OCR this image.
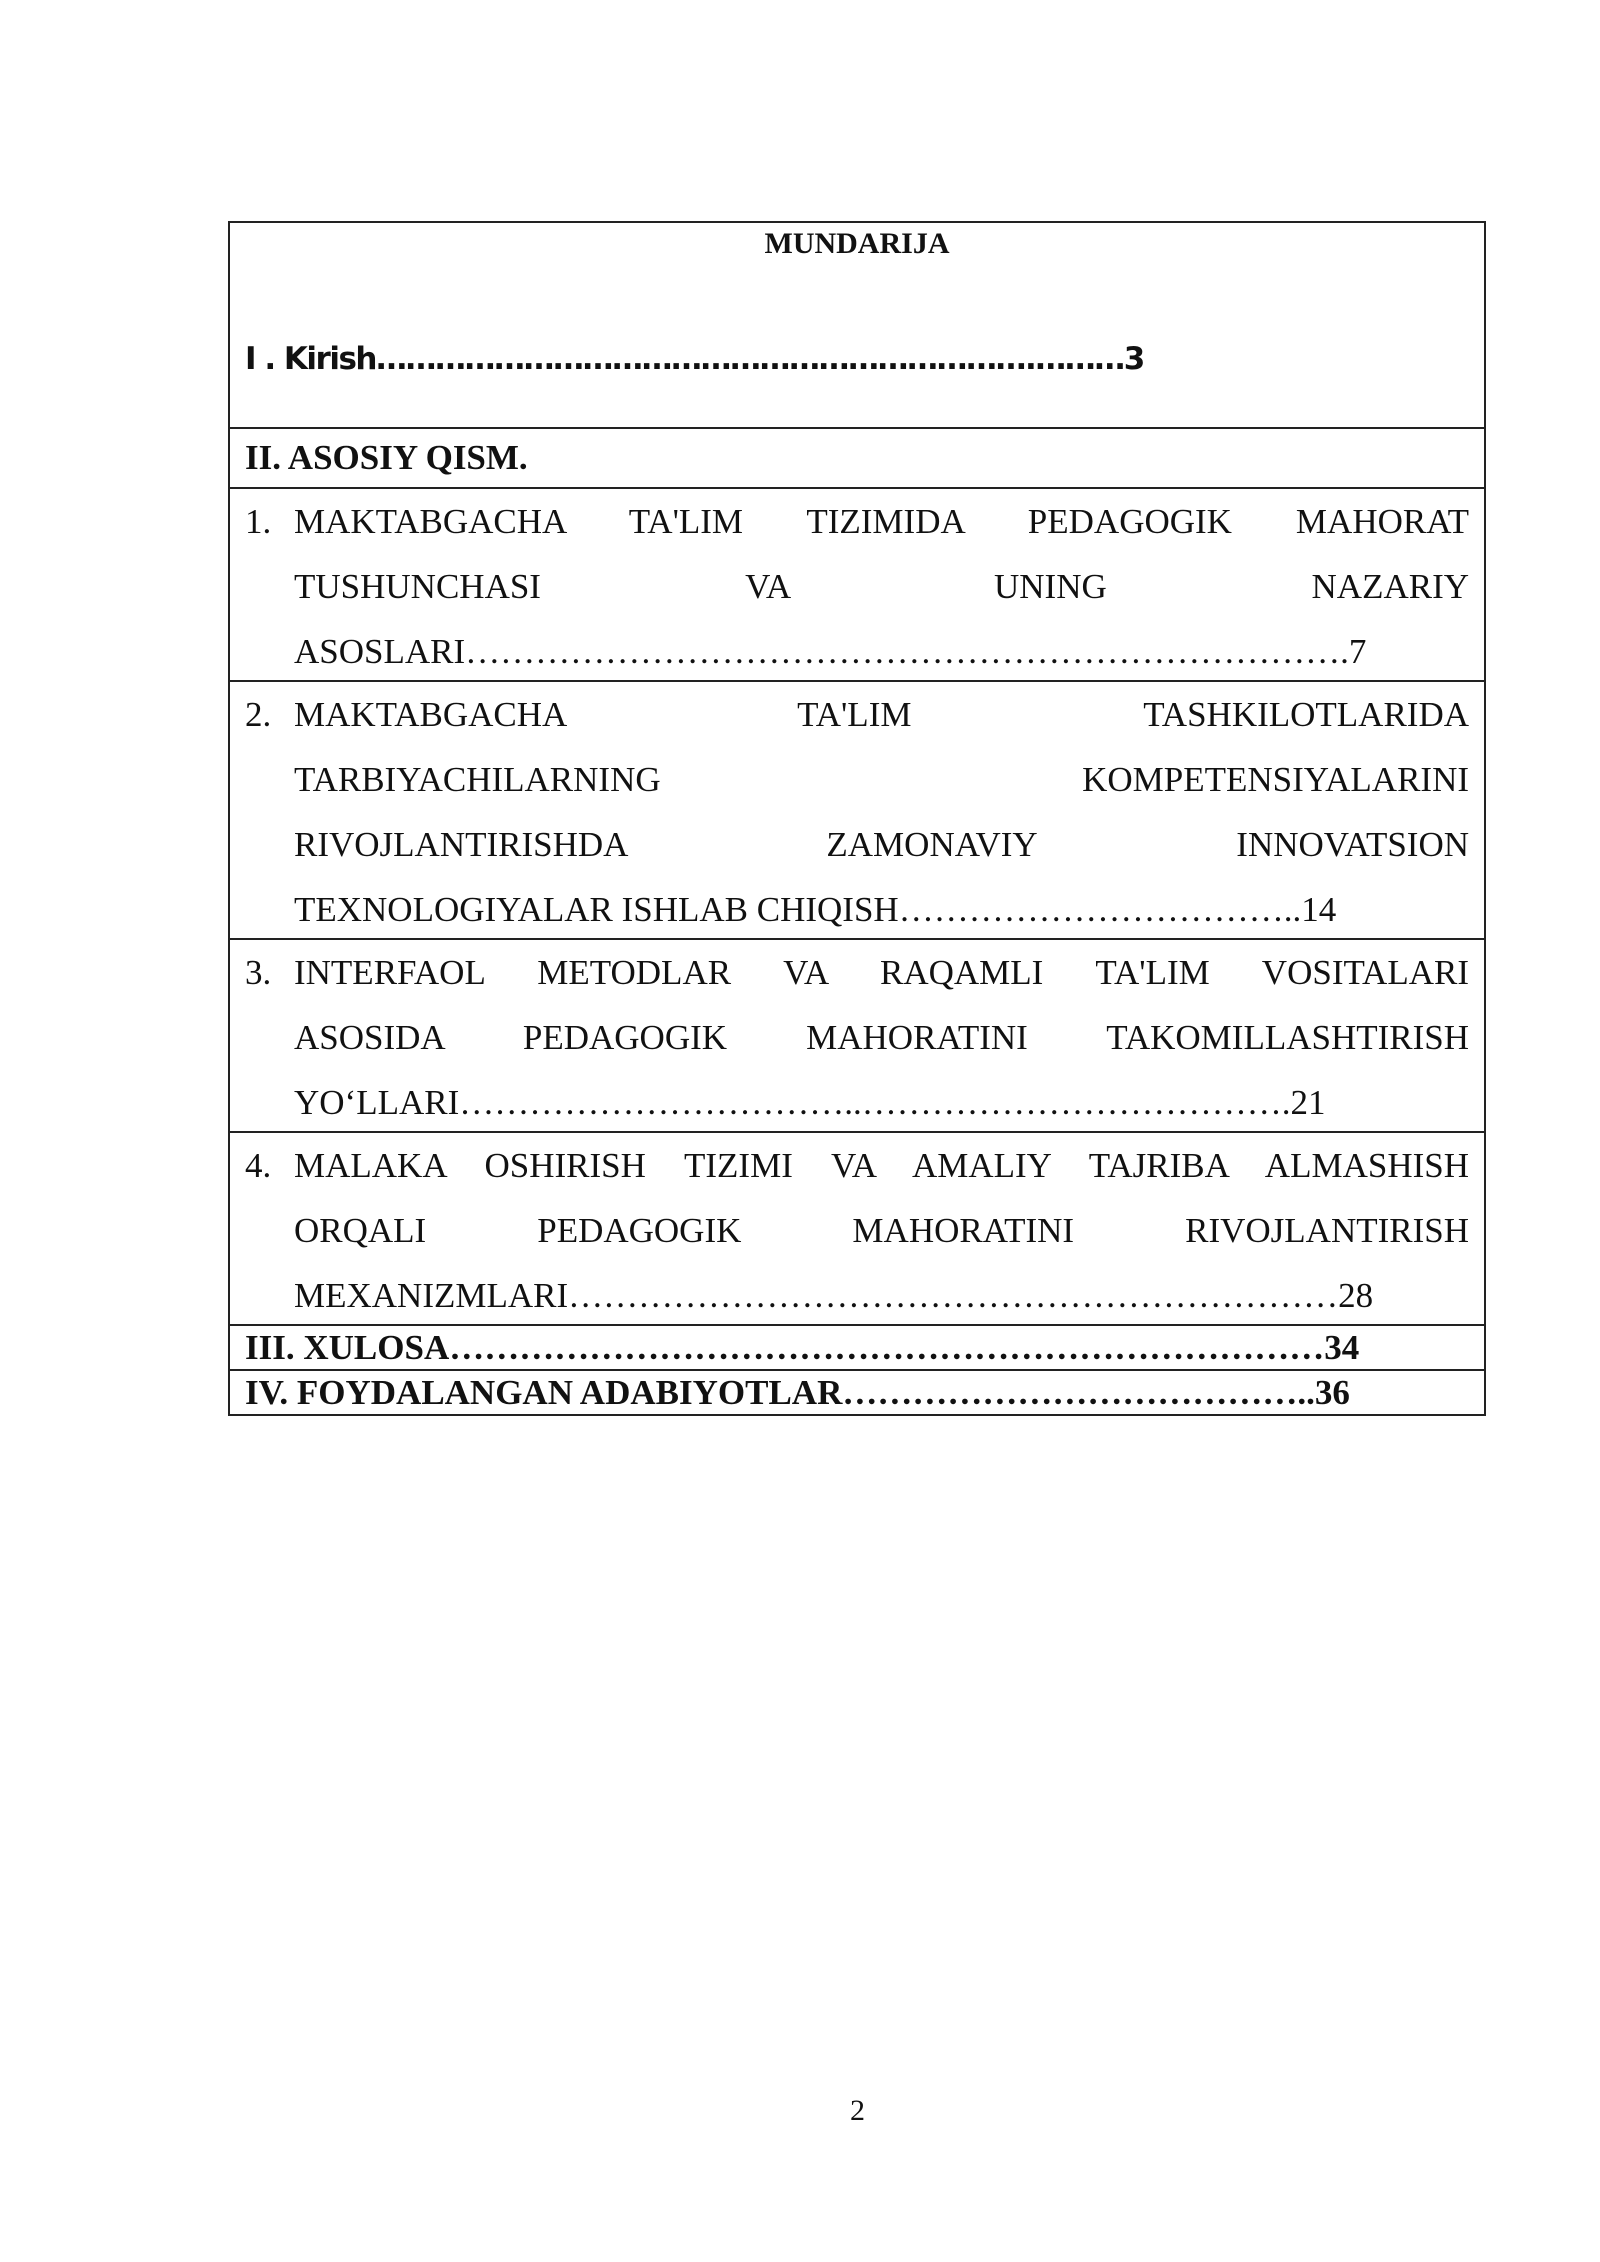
MUNDARIJA
I . Kirish………………………………………………………….………3
II. ASOSIY QISM.
1. MAKTABGACHA TA'LIM TIZIMIDA PEDAGOGIK MAHORAT
TUSHUNCHASI VA UNING NAZARIY
ASOSLARI………………………………………………………………….7
2. MAKTABGACHA TA'LIM TASHKILOTLARIDA
TARBIYACHILARNING KOMPETENSIYALARINI
RIVOJLANTIRISHDA ZAMONAVIY INNOVATSION
TEXNOLOGIYALAR ISHLAB CHIQISH……………………………..14
3. INTERFAOL METODLAR VA RAQAMLI TA'LIM VOSITALARI
ASOSIDA PEDAGOGIK MAHORATINI TAKOMILLASHTIRISH
YO‘LLARI……………………………..……………………………….21
4. MALAKA OSHIRISH TIZIMI VA AMALIY TAJRIBA ALMASHISH
ORQALI PEDAGOGIK MAHORATINI RIVOJLANTIRISH
MEXANIZMLARI…………………………………………………………28
III. XULOSA…………………………………………………………………34
IV. FOYDALANGAN ADABIYOTLAR…………………………………..36
2
